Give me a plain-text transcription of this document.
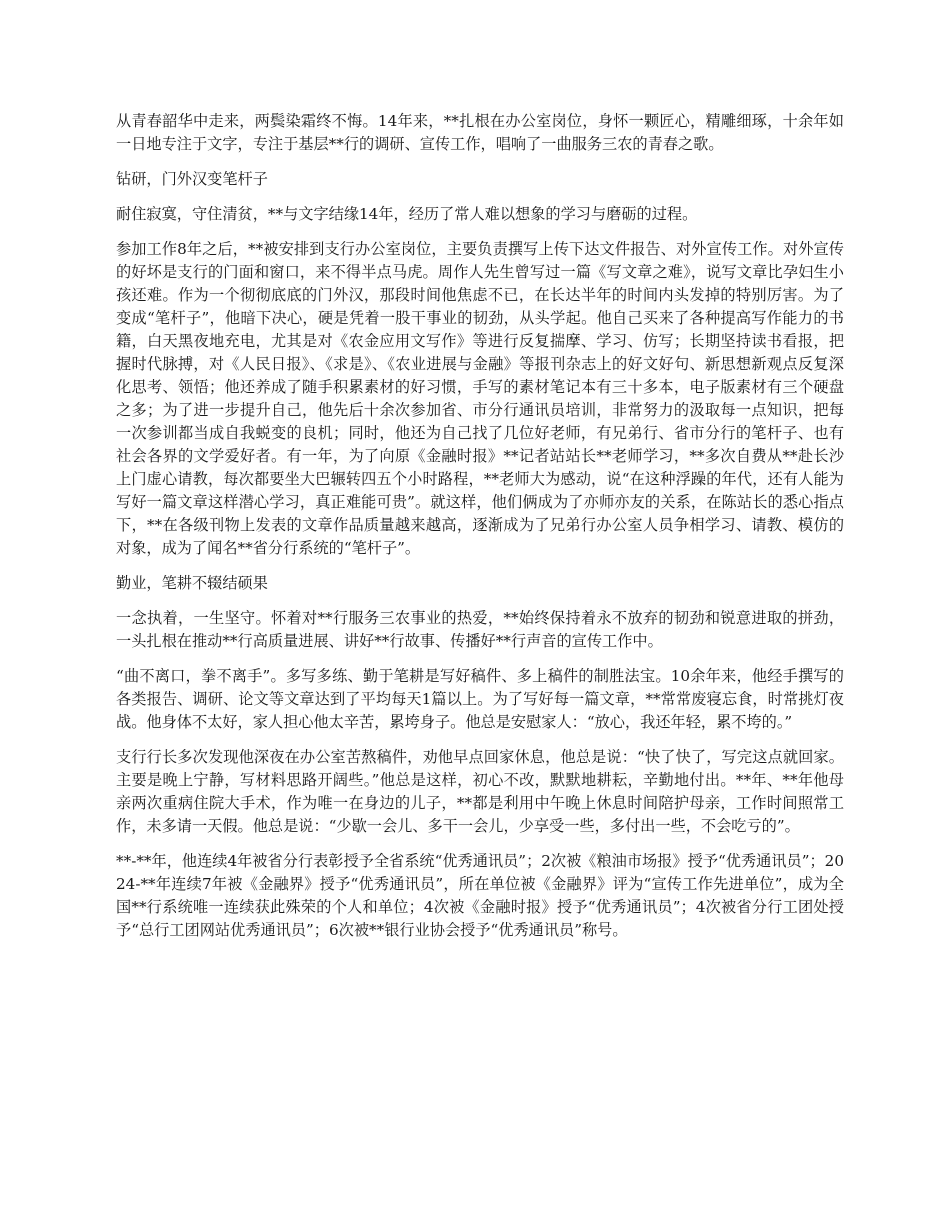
从青春韶华中走来，两鬓染霜终不悔。14年来，**扎根在办公室岗位，身怀一颗匠心，精雕细琢，十余年如一日地专注于文字，专注于基层**行的调研、宣传工作，唱响了一曲服务三农的青春之歌。

钻研，门外汉变笔杆子

耐住寂寞，守住清贫，**与文字结缘14年，经历了常人难以想象的学习与磨砺的过程。

参加工作8年之后，**被安排到支行办公室岗位，主要负责撰写上传下达文件报告、对外宣传工作。对外宣传的好坏是支行的门面和窗口，来不得半点马虎。周作人先生曾写过一篇《写文章之难》，说写文章比孕妇生小孩还难。作为一个彻彻底底的门外汉，那段时间他焦虑不已，在长达半年的时间内头发掉的特别厉害。为了变成“笔杆子”，他暗下决心，硬是凭着一股干事业的韧劲，从头学起。他自己买来了各种提高写作能力的书籍，白天黑夜地充电，尤其是对《农金应用文写作》等进行反复揣摩、学习、仿写；长期坚持读书看报，把握时代脉搏，对《人民日报》、《求是》、《农业进展与金融》等报刊杂志上的好文好句、新思想新观点反复深化思考、领悟；他还养成了随手积累素材的好习惯，手写的素材笔记本有三十多本，电子版素材有三个硬盘之多；为了进一步提升自己，他先后十余次参加省、市分行通讯员培训，非常努力的汲取每一点知识，把每一次参训都当成自我蜕变的良机；同时，他还为自己找了几位好老师，有兄弟行、省市分行的笔杆子、也有社会各界的文学爱好者。有一年，为了向原《金融时报》**记者站站长**老师学习，**多次自费从**赴长沙上门虚心请教，每次都要坐大巴辗转四五个小时路程，**老师大为感动，说“在这种浮躁的年代，还有人能为写好一篇文章这样潜心学习，真正难能可贵”。就这样，他们俩成为了亦师亦友的关系，在陈站长的悉心指点下，**在各级刊物上发表的文章作品质量越来越高，逐渐成为了兄弟行办公室人员争相学习、请教、模仿的对象，成为了闻名**省分行系统的“笔杆子”。

勤业，笔耕不辍结硕果

一念执着，一生坚守。怀着对**行服务三农事业的热爱，**始终保持着永不放弃的韧劲和锐意进取的拼劲，一头扎根在推动**行高质量进展、讲好**行故事、传播好**行声音的宣传工作中。

“曲不离口，拳不离手”。多写多练、勤于笔耕是写好稿件、多上稿件的制胜法宝。10余年来，他经手撰写的各类报告、调研、论文等文章达到了平均每天1篇以上。为了写好每一篇文章，**常常废寝忘食，时常挑灯夜战。他身体不太好，家人担心他太辛苦，累垮身子。他总是安慰家人：“放心，我还年轻，累不垮的。”

支行行长多次发现他深夜在办公室苦熬稿件，劝他早点回家休息，他总是说：“快了快了，写完这点就回家。主要是晚上宁静，写材料思路开阔些。”他总是这样，初心不改，默默地耕耘，辛勤地付出。**年、**年他母亲两次重病住院大手术，作为唯一在身边的儿子，**都是利用中午晚上休息时间陪护母亲，工作时间照常工作，未多请一天假。他总是说：“少歇一会儿、多干一会儿，少享受一些，多付出一些，不会吃亏的”。

**-**年，他连续4年被省分行表彰授予全省系统“优秀通讯员”；2次被《粮油市场报》授予“优秀通讯员”；2024-**年连续7年被《金融界》授予“优秀通讯员”，所在单位被《金融界》评为“宣传工作先进单位”，成为全国**行系统唯一连续获此殊荣的个人和单位；4次被《金融时报》授予“优秀通讯员”；4次被省分行工团处授予“总行工团网站优秀通讯员”；6次被**银行业协会授予“优秀通讯员”称号。
